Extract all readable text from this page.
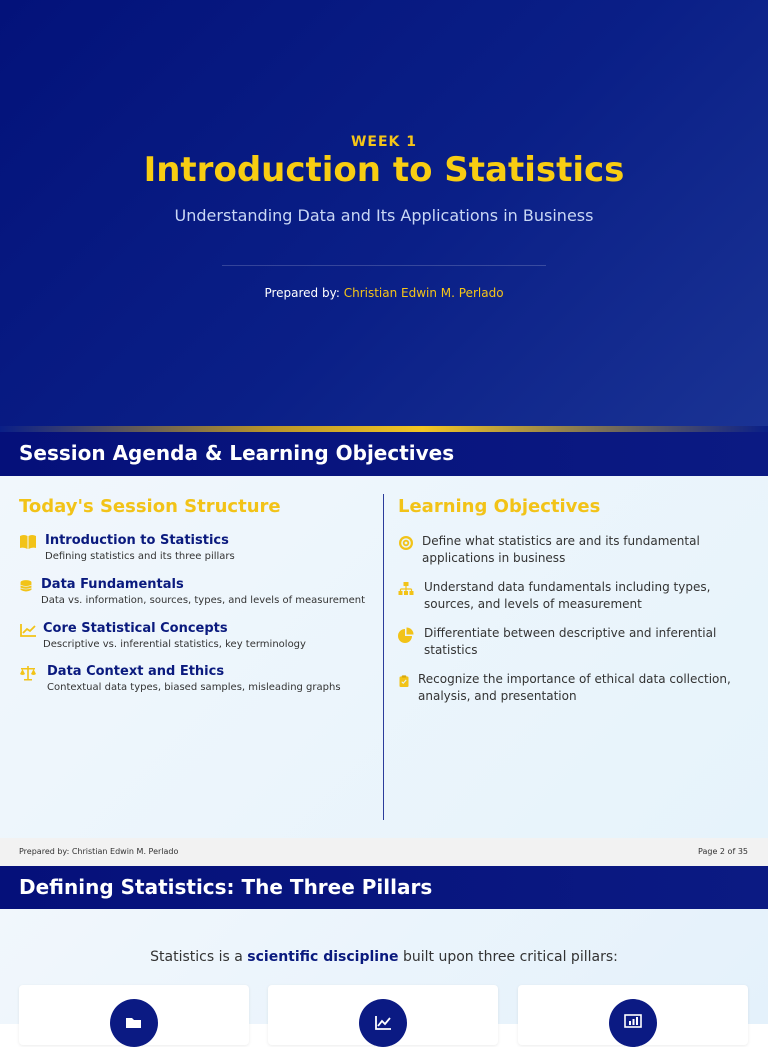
WEEK 1
Introduction to Statistics
Understanding Data and Its Applications in Business
Prepared by: Christian Edwin M. Perlado
Session Agenda & Learning Objectives
Today's Session Structure	Learning Objectives
Introduction to Statistics
Defining statistics and its three pillars
Data Fundamentals
Data vs. information, sources, types, and levels of measurement
Core Statistical Concepts
Descriptive vs. inferential statistics, key terminology
Data Context and Ethics
Contextual data types, biased samples, misleading graphs
Define what statistics are and its fundamental applications in business
Understand data fundamentals including types, sources, and levels of measurement
Differentiate between descriptive and inferential statistics
Recognize the importance of ethical data collection, analysis, and presentation
Prepared by: Christian Edwin M. Perlado	Page 2 of 35
Defining Statistics: The Three Pillars
Statistics is a scientific discipline built upon three critical pillars:
